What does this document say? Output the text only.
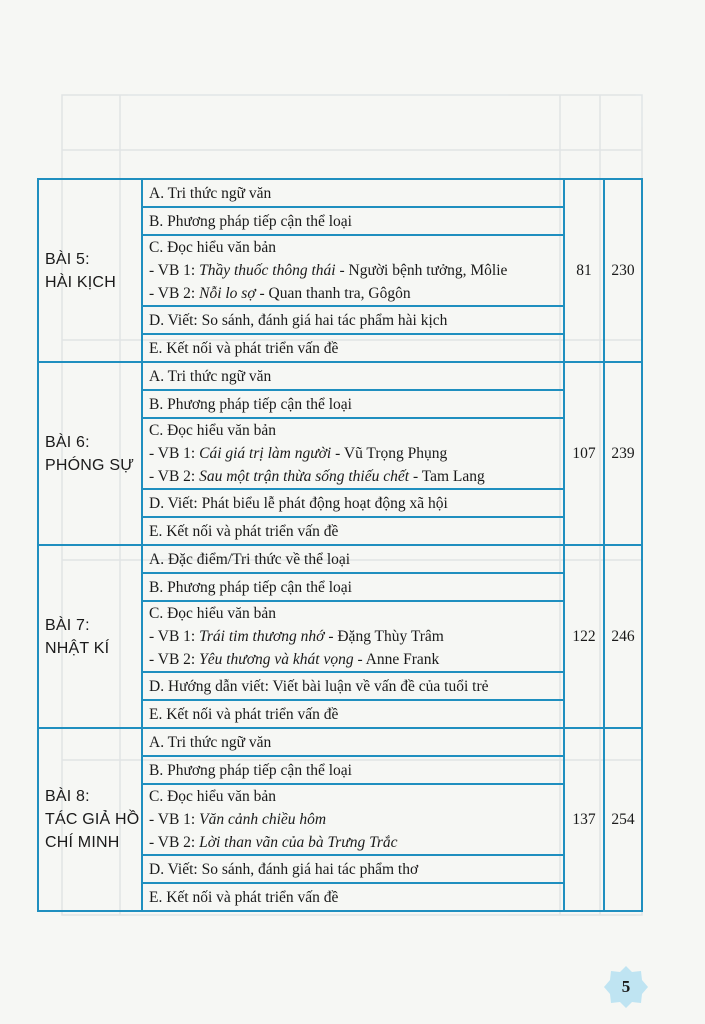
BÀI 5:
HÀI KỊCH	A. Tri thức ngữ văn	81	230
	B. Phương pháp tiếp cận thể loại		

	C. Đọc hiểu văn bản
- VB 1: Thầy thuốc thông thái - Người bệnh tưởng, Môlie
- VB 2: Nỗi lo sợ - Quan thanh tra, Gôgôn		

	D. Viết: So sánh, đánh giá hai tác phẩm hài kịch		
	E. Kết nối và phát triển vấn đề		

BÀI 6:
PHÓNG SỰ	A. Tri thức ngữ văn	107	239
	B. Phương pháp tiếp cận thể loại		

	C. Đọc hiểu văn bản
- VB 1: Cái giá trị làm người - Vũ Trọng Phụng
- VB 2: Sau một trận thừa sống thiếu chết - Tam Lang		

	D. Viết: Phát biểu lễ phát động hoạt động xã hội		
	E. Kết nối và phát triển vấn đề		

BÀI 7:
NHẬT KÍ	A. Đặc điểm/Tri thức về thể loại	122	246
	B. Phương pháp tiếp cận thể loại		

	C. Đọc hiểu văn bản
- VB 1: Trái tim thương nhớ - Đặng Thùy Trâm
- VB 2: Yêu thương và khát vọng - Anne Frank		

	D. Hướng dẫn viết: Viết bài luận về vấn đề của tuổi trẻ		
	E. Kết nối và phát triển vấn đề		

BÀI 8:
TÁC GIẢ HỒ
CHÍ MINH	A. Tri thức ngữ văn	137	254
	B. Phương pháp tiếp cận thể loại		

	C. Đọc hiểu văn bản
- VB 1: Văn cảnh chiều hôm
- VB 2: Lời than vãn của bà Trưng Trắc		

	D. Viết: So sánh, đánh giá hai tác phẩm thơ		
	E. Kết nối và phát triển vấn đề		
5
